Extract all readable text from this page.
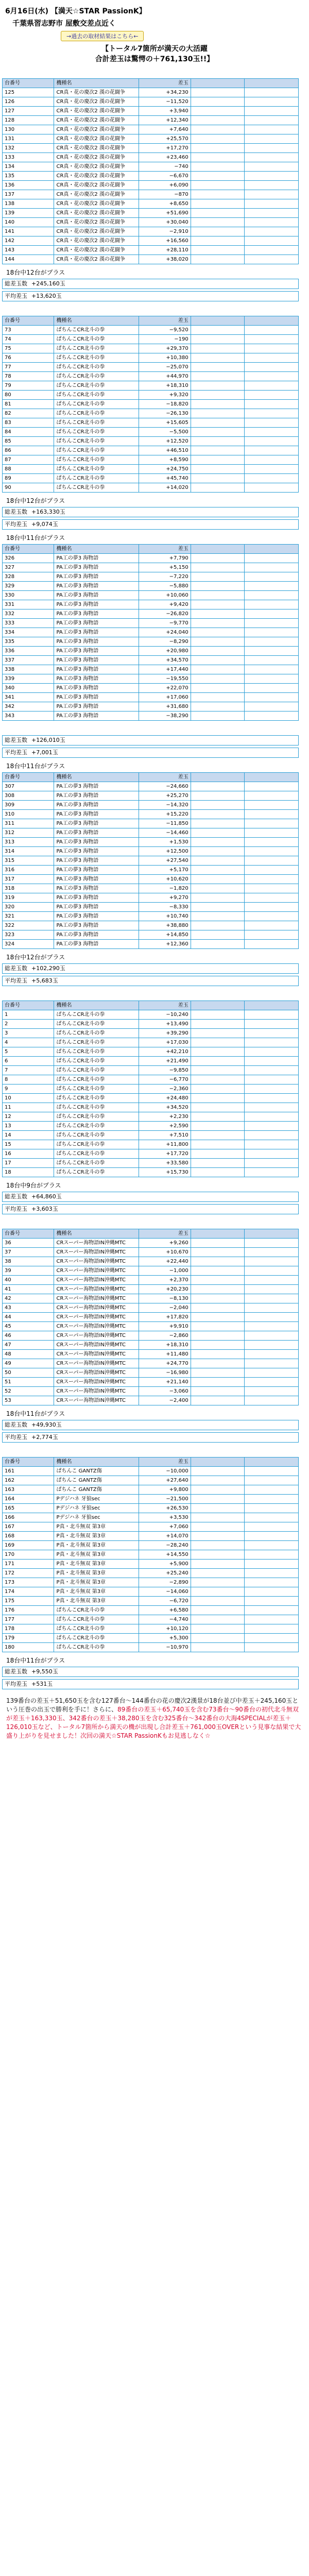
6月16日(水) 【満天☆STAR PassionK】
千葉県習志野市 屋敷交差点近く
→過去の取材結果はこちら←
【トータル7箇所が満天の大活躍
合計差玉は驚愕の＋761,130玉!!】
台番号	機種名	差玉		
125	CR真・花の慶次2 漢の花闘争	+34,230		
126	CR真・花の慶次2 漢の花闘争	−11,520		
127	CR真・花の慶次2 漢の花闘争	+3,940		
128	CR真・花の慶次2 漢の花闘争	+12,340		
130	CR真・花の慶次2 漢の花闘争	+7,640		
131	CR真・花の慶次2 漢の花闘争	+25,570		
132	CR真・花の慶次2 漢の花闘争	+17,270		
133	CR真・花の慶次2 漢の花闘争	+23,460		
134	CR真・花の慶次2 漢の花闘争	−740		
135	CR真・花の慶次2 漢の花闘争	−6,670		
136	CR真・花の慶次2 漢の花闘争	+6,090		
137	CR真・花の慶次2 漢の花闘争	−870		
138	CR真・花の慶次2 漢の花闘争	+8,650		
139	CR真・花の慶次2 漢の花闘争	+51,690		
140	CR真・花の慶次2 漢の花闘争	+30,040		
141	CR真・花の慶次2 漢の花闘争	−2,910		
142	CR真・花の慶次2 漢の花闘争	+16,560		
143	CR真・花の慶次2 漢の花闘争	+28,110		
144	CR真・花の慶次2 漢の花闘争	+38,020		
18台中12台がプラス
総差玉数 +245,160玉
平均差玉 +13,620玉
台番号	機種名	差玉		
73	ぱちんこCR北斗の拳	−9,520		
74	ぱちんこCR北斗の拳	−190		
75	ぱちんこCR北斗の拳	+29,370		
76	ぱちんこCR北斗の拳	+10,380		
77	ぱちんこCR北斗の拳	−25,070		
78	ぱちんこCR北斗の拳	+44,970		
79	ぱちんこCR北斗の拳	+18,310		
80	ぱちんこCR北斗の拳	+9,320		
81	ぱちんこCR北斗の拳	−18,820		
82	ぱちんこCR北斗の拳	−26,130		
83	ぱちんこCR北斗の拳	+15,605		
84	ぱちんこCR北斗の拳	−5,500		
85	ぱちんこCR北斗の拳	+12,520		
86	ぱちんこCR北斗の拳	+46,510		
87	ぱちんこCR北斗の拳	+8,590		
88	ぱちんこCR北斗の拳	+24,750		
89	ぱちんこCR北斗の拳	+45,740		
90	ぱちんこCR北斗の拳	+14,020		
18台中12台がプラス
総差玉数 +163,330玉
平均差玉 +9,074玉
18台中11台がプラス
台番号	機種名	差玉		
326	PA工の夢3 海物語	+7,790		
327	PA工の夢3 海物語	+5,150		
328	PA工の夢3 海物語	−7,220		
329	PA工の夢3 海物語	−5,880		
330	PA工の夢3 海物語	+10,060		
331	PA工の夢3 海物語	+9,420		
332	PA工の夢3 海物語	−26,820		
333	PA工の夢3 海物語	−9,770		
334	PA工の夢3 海物語	+24,040		
335	PA工の夢3 海物語	−8,290		
336	PA工の夢3 海物語	+20,980		
337	PA工の夢3 海物語	+34,570		
338	PA工の夢3 海物語	+17,440		
339	PA工の夢3 海物語	−19,550		
340	PA工の夢3 海物語	+22,070		
341	PA工の夢3 海物語	+17,060		
342	PA工の夢3 海物語	+31,680		
343	PA工の夢3 海物語	−38,290		
総差玉数 +126,010玉
平均差玉 +7,001玉
18台中11台がプラス
台番号	機種名	差玉		
307	PA工の夢3 海物語	−24,660		
308	PA工の夢3 海物語	+25,270		
309	PA工の夢3 海物語	−14,320		
310	PA工の夢3 海物語	+15,220		
311	PA工の夢3 海物語	−11,850		
312	PA工の夢3 海物語	−14,460		
313	PA工の夢3 海物語	+1,530		
314	PA工の夢3 海物語	+12,500		
315	PA工の夢3 海物語	+27,540		
316	PA工の夢3 海物語	+5,170		
317	PA工の夢3 海物語	+10,620		
318	PA工の夢3 海物語	−1,820		
319	PA工の夢3 海物語	+9,270		
320	PA工の夢3 海物語	−8,330		
321	PA工の夢3 海物語	+10,740		
322	PA工の夢3 海物語	+38,880		
323	PA工の夢3 海物語	+14,850		
324	PA工の夢3 海物語	+12,360		
18台中12台がプラス
総差玉数 +102,290玉
平均差玉 +5,683玉
台番号	機種名	差玉		
1	ぱちんこCR北斗の拳	−10,240		
2	ぱちんこCR北斗の拳	+13,490		
3	ぱちんこCR北斗の拳	+39,290		
4	ぱちんこCR北斗の拳	+17,030		
5	ぱちんこCR北斗の拳	+42,210		
6	ぱちんこCR北斗の拳	+21,490		
7	ぱちんこCR北斗の拳	−9,850		
8	ぱちんこCR北斗の拳	−6,770		
9	ぱちんこCR北斗の拳	−2,360		
10	ぱちんこCR北斗の拳	+24,480		
11	ぱちんこCR北斗の拳	+34,520		
12	ぱちんこCR北斗の拳	+2,230		
13	ぱちんこCR北斗の拳	+2,590		
14	ぱちんこCR北斗の拳	+7,510		
15	ぱちんこCR北斗の拳	+11,800		
16	ぱちんこCR北斗の拳	+17,720		
17	ぱちんこCR北斗の拳	+33,580		
18	ぱちんこCR北斗の拳	+15,730		
18台中9台がプラス
総差玉数 +64,860玉
平均差玉 +3,603玉
台番号	機種名	差玉		
36	CRスーパー海物語IN沖縄MTC	+9,260		
37	CRスーパー海物語IN沖縄MTC	+10,670		
38	CRスーパー海物語IN沖縄MTC	+22,440		
39	CRスーパー海物語IN沖縄MTC	−1,000		
40	CRスーパー海物語IN沖縄MTC	+2,370		
41	CRスーパー海物語IN沖縄MTC	+20,230		
42	CRスーパー海物語IN沖縄MTC	−8,130		
43	CRスーパー海物語IN沖縄MTC	−2,040		
44	CRスーパー海物語IN沖縄MTC	+17,820		
45	CRスーパー海物語IN沖縄MTC	+9,910		
46	CRスーパー海物語IN沖縄MTC	−2,860		
47	CRスーパー海物語IN沖縄MTC	+18,310		
48	CRスーパー海物語IN沖縄MTC	+11,480		
49	CRスーパー海物語IN沖縄MTC	+24,770		
50	CRスーパー海物語IN沖縄MTC	−16,980		
51	CRスーパー海物語IN沖縄MTC	+21,140		
52	CRスーパー海物語IN沖縄MTC	−3,060		
53	CRスーパー海物語IN沖縄MTC	−2,400		
18台中11台がプラス
総差玉数 +49,930玉
平均差玉 +2,774玉
台番号	機種名	差玉		
161	ぱちんこ GANTZ傷	−10,000		
162	ぱちんこ GANTZ傷	+27,640		
163	ぱちんこ GANTZ傷	+9,800		
164	Pデジハネ 牙狼sec	−21,500		
165	Pデジハネ 牙狼sec	+26,530		
166	Pデジハネ 牙狼sec	+3,530		
167	P真・北斗無双 第3章	+7,060		
168	P真・北斗無双 第3章	+14,070		
169	P真・北斗無双 第3章	−28,240		
170	P真・北斗無双 第3章	+14,550		
171	P真・北斗無双 第3章	+5,900		
172	P真・北斗無双 第3章	+25,240		
173	P真・北斗無双 第3章	−2,890		
174	P真・北斗無双 第3章	−14,060		
175	P真・北斗無双 第3章	−6,720		
176	ぱちんこCR北斗の拳	+6,580		
177	ぱちんこCR北斗の拳	−4,740		
178	ぱちんこCR北斗の拳	+10,120		
179	ぱちんこCR北斗の拳	+5,300		
180	ぱちんこCR北斗の拳	−10,970		
18台中11台がプラス
総差玉数 +9,550玉
平均差玉 +531玉
139番台の差玉＋51,650玉を含む127番台〜144番台の花の慶次2漢景が18台並び中差玉＋245,160玉という圧巻の出玉で勝利を手に！さらに、89番台の差玉＋65,740玉を含む73番台〜90番台の初代北斗無双が差玉＋163,330玉、342番台の差玉＋38,280玉を含む325番台〜342番台の大海4SPECIALが差玉＋126,010玉など、トータル7箇所から満天の機が出現し合計差玉＋761,000玉OVERという見事な結果で大盛り上がりを見せました！次回の満天☆STAR PassionKもお見逃しなく☆
